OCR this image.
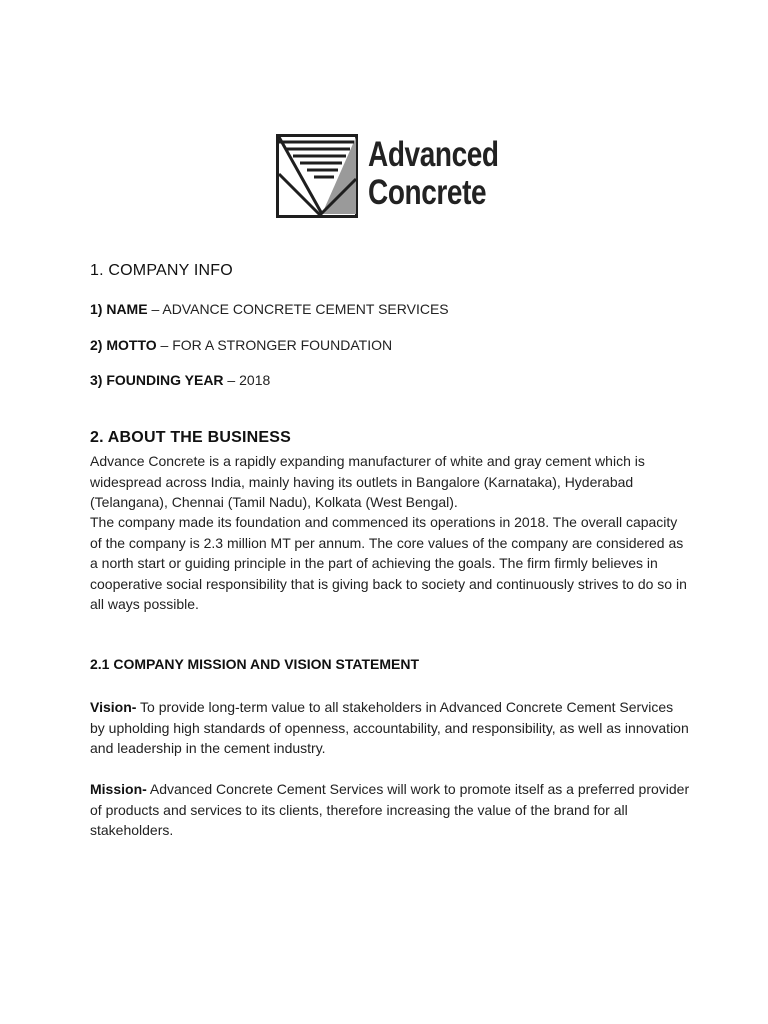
Advanced
Concrete
1. COMPANY INFO
1) NAME – ADVANCE CONCRETE CEMENT SERVICES
2) MOTTO – FOR A STRONGER FOUNDATION
3) FOUNDING YEAR – 2018
2. ABOUT THE BUSINESS

Advance Concrete is a rapidly expanding manufacturer of white and gray cement which is widespread across India, mainly having its outlets in Bangalore (Karnataka), Hyderabad (Telangana), Chennai (Tamil Nadu), Kolkata (West Bengal).

The company made its foundation and commenced its operations in 2018. The overall capacity of the company is 2.3 million MT per annum. The core values of the company are considered as a north start or guiding principle in the part of achieving the goals. The firm firmly believes in cooperative social responsibility that is giving back to society and continuously strives to do so in all ways possible.

2.1 COMPANY MISSION AND VISION STATEMENT

Vision- To provide long-term value to all stakeholders in Advanced Concrete Cement Services by upholding high standards of openness, accountability, and responsibility, as well as innovation and leadership in the cement industry.

Mission- Advanced Concrete Cement Services will work to promote itself as a preferred provider of products and services to its clients, therefore increasing the value of the brand for all stakeholders.
